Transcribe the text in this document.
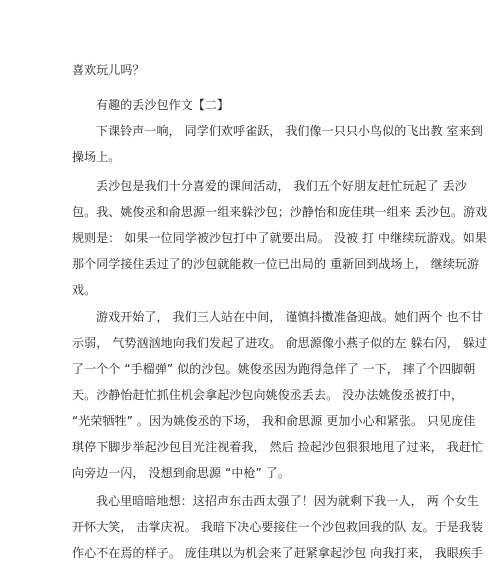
喜欢玩儿吗？
有趣的丢沙包作文【二】
下课铃声一响， 同学们欢呼雀跃， 我们像一只只小鸟似的飞出教 室来到
操场上。
丢沙包是我们十分喜爱的课间活动， 我们五个好朋友赶忙玩起了 丢沙
包。我、姚俊丞和俞思源一组来躲沙包；沙静怡和庞佳琪一组来 丢沙包。游戏
规则是： 如果一位同学被沙包打中了就要出局。 没被 打 中继续玩游戏。如果
那个同学接住丢过了的沙包就能救一位已出局的 重新回到战场上， 继续玩游
戏。
游戏开始了， 我们三人站在中间， 谨慎抖擞准备迎战。她们两个 也不甘
示弱， 气势汹汹地向我们发起了进攻。 俞思源像小燕子似的左 躲右闪， 躲过
了一个个 “手榴弹” 似的沙包。姚俊丞因为跑得急伴了 一下， 摔了个四脚朝
天。沙静怡赶忙抓住机会拿起沙包向姚俊丞丢去。 没办法姚俊丞被打中，
“光荣牺牲” 。因为姚俊丞的下场， 我和俞思源 更加小心和紧张。 只见庞佳
琪停下脚步举起沙包目光注视着我， 然后 捡起沙包狠狠地甩了过来， 我赶忙
向旁边一闪， 没想到俞思源 “中枪” 了。
我心里暗暗地想：这招声东击西太强了！因为就剩下我一人， 两 个女生
开怀大笑， 击掌庆祝。 我暗下决心要接住一个沙包救回我的队 友。于是我装
作心不在焉的样子。 庞佳琪以为机会来了赶紧拿起沙包 向我打来， 我眼疾手
